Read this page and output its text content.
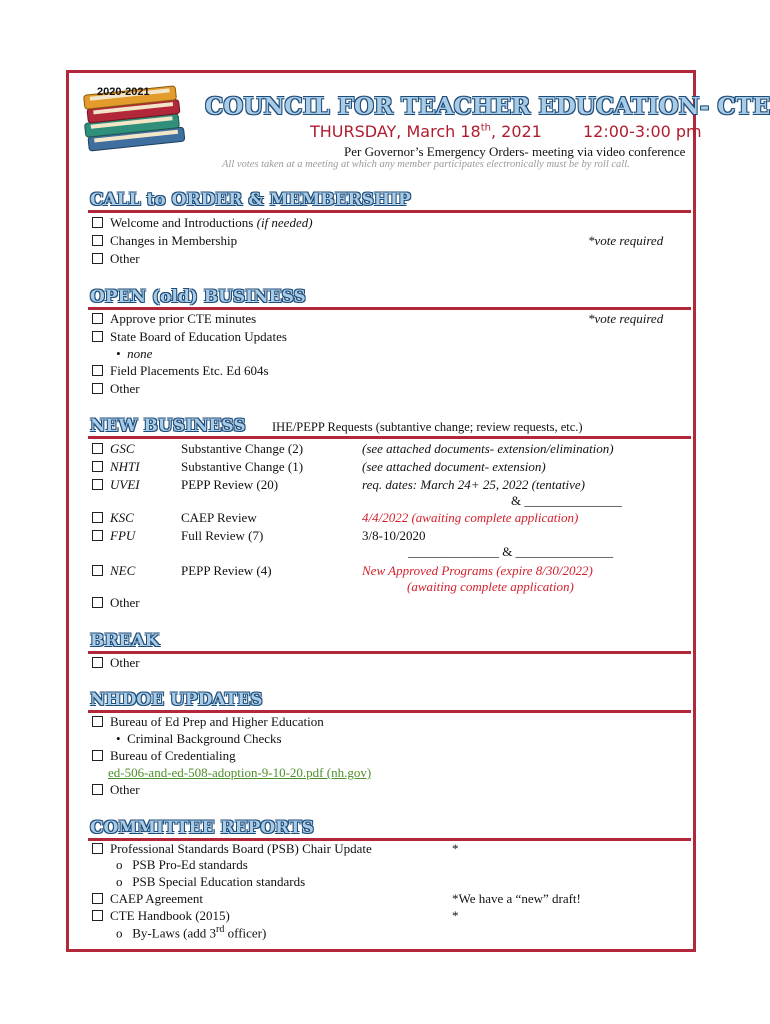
2020-2021
COUNCIL FOR TEACHER EDUCATION- CTE
THURSDAY, March 18th, 2021	12:00-3:00 pm
Per Governor’s Emergency Orders- meeting via video conference
All votes taken at a meeting at which any member participates electronically must be by roll call.
CALL to ORDER & MEMBERSHIP
Welcome and Introductions (if needed)
Changes in Membership	*vote required
Other
OPEN (old) BUSINESS
Approve prior CTE minutes	*vote required
State Board of Education Updates
•  none
Field Placements Etc. Ed 604s
Other
NEW BUSINESS IHE/PEPP Requests (subtantive change; review requests, etc.)
GSC	Substantive Change (2)	(see attached documents- extension/elimination)
NHTI	Substantive Change (1)	(see attached document- extension)
UVEI	PEPP Review (20)	req. dates: March 24+ 25, 2022 (tentative)
& _______________
KSC	CAEP Review	4/4/2022 (awaiting complete application)
FPU	Full Review (7)	3/8-10/2020
______________ & _______________
NEC	PEPP Review (4)	New Approved Programs (expire 8/30/2022)
(awaiting complete application)
Other
BREAK
Other
NHDOE UPDATES
Bureau of Ed Prep and Higher Education
•  Criminal Background Checks
Bureau of Credentialing
ed-506-and-ed-508-adoption-9-10-20.pdf (nh.gov)
Other
COMMITTEE REPORTS
Professional Standards Board (PSB) Chair Update	*
o   PSB Pro-Ed standards
o   PSB Special Education standards
CAEP Agreement	*We have a “new” draft!
CTE Handbook (2015)	*
o   By-Laws (add 3rd officer)
